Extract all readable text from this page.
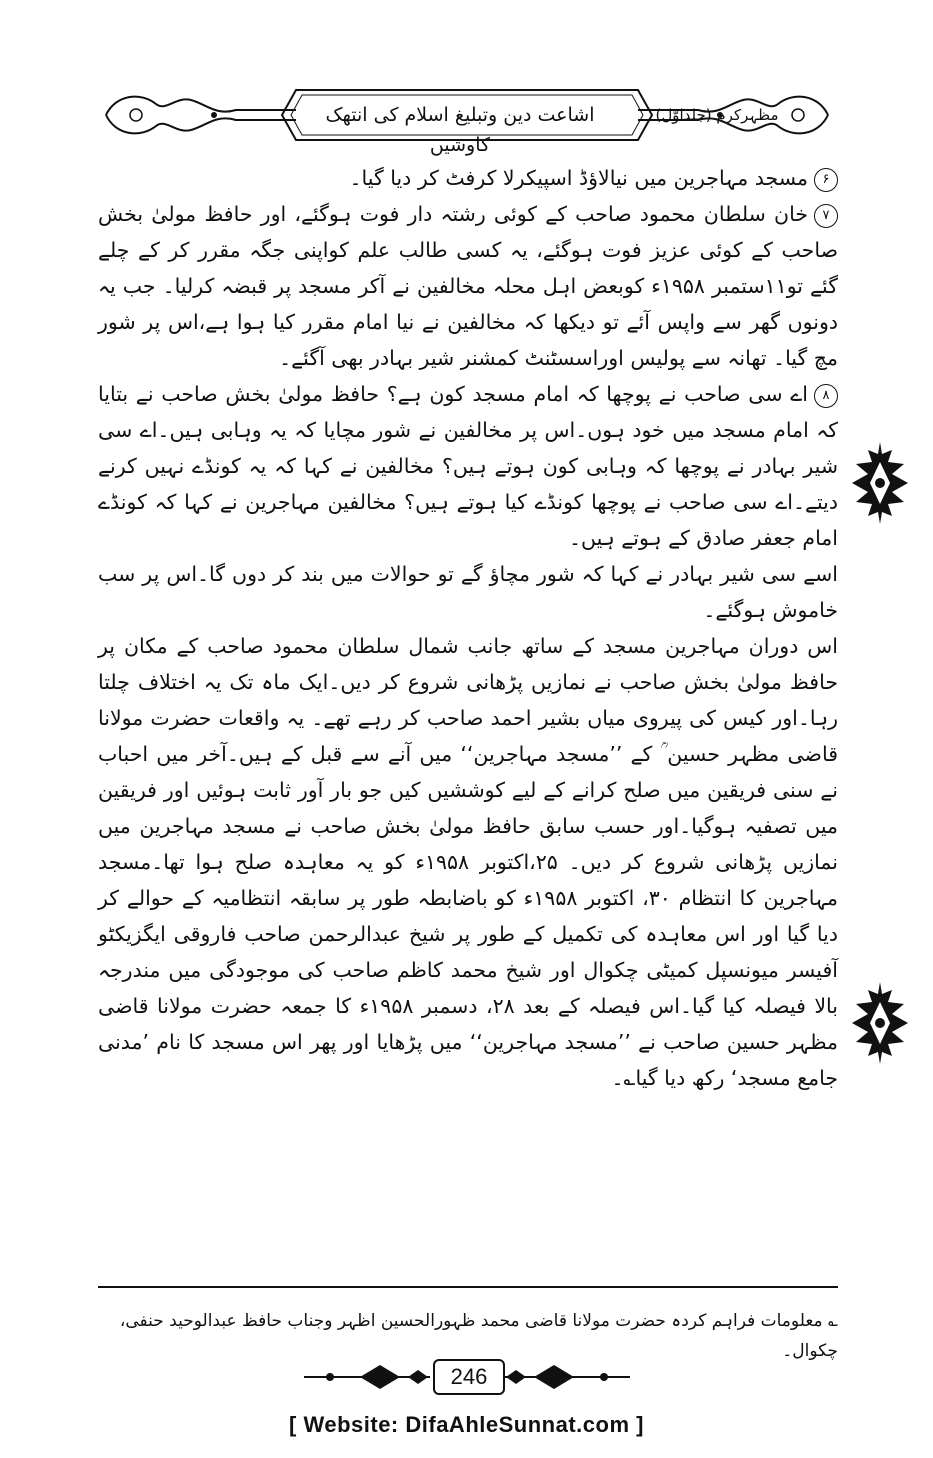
اشاعت دین وتبلیغ اسلام کی انتھک کاوشیں
مظہرکرم (جلداوّل)

۶مسجد مہاجرین میں نیالاؤڈ اسپیکرلا کرفٹ کر دیا گیا۔

۷خان سلطان محمود صاحب کے کوئی رشتہ دار فوت ہوگئے، اور حافظ مولیٰ بخش صاحب کے کوئی عزیز فوت ہوگئے، یہ کسی طالب علم کواپنی جگہ مقرر کر کے چلے گئے تو۱۱ستمبر ۱۹۵۸ء کوبعض اہل محلہ مخالفین نے آکر مسجد پر قبضہ کرلیا۔ جب یہ دونوں گھر سے واپس آئے تو دیکھا کہ مخالفین نے نیا امام مقرر کیا ہوا ہے،اس پر شور مچ گیا۔ تھانہ سے پولیس اوراسسٹنٹ کمشنر شیر بہادر بھی آگئے۔

۸اے سی صاحب نے پوچھا کہ امام مسجد کون ہے؟ حافظ مولیٰ بخش صاحب نے بتایا کہ امام مسجد میں خود ہوں۔اس پر مخالفین نے شور مچایا کہ یہ وہابی ہیں۔اے سی شیر بہادر نے پوچھا کہ وہابی کون ہوتے ہیں؟ مخالفین نے کہا کہ یہ کونڈے نہیں کرنے دیتے۔اے سی صاحب نے پوچھا کونڈے کیا ہوتے ہیں؟ مخالفین مہاجرین نے کہا کہ کونڈے امام جعفر صادق کے ہوتے ہیں۔

اسے سی شیر بہادر نے کہا کہ شور مچاؤ گے تو حوالات میں بند کر دوں گا۔اس پر سب خاموش ہوگئے۔

اس دوران مہاجرین مسجد کے ساتھ جانب شمال سلطان محمود صاحب کے مکان پر حافظ مولیٰ بخش صاحب نے نمازیں پڑھانی شروع کر دیں۔ایک ماہ تک یہ اختلاف چلتا رہا۔اور کیس کی پیروی میاں بشیر احمد صاحب کر رہے تھے۔ یہ واقعات حضرت مولانا قاضی مظہر حسین ؒ کے ’’مسجد مہاجرین‘‘ میں آنے سے قبل کے ہیں۔آخر میں احباب نے سنی فریقین میں صلح کرانے کے لیے کوششیں کیں جو بار آور ثابت ہوئیں اور فریقین میں تصفیہ ہوگیا۔اور حسب سابق حافظ مولیٰ بخش صاحب نے مسجد مہاجرین میں نمازیں پڑھانی شروع کر دیں۔ ۲۵،اکتوبر ۱۹۵۸ء کو یہ معاہدہ صلح ہوا تھا۔مسجد مہاجرین کا انتظام ۳۰، اکتوبر ۱۹۵۸ء کو باضابطہ طور پر سابقہ انتظامیہ کے حوالے کر دیا گیا اور اس معاہدہ کی تکمیل کے طور پر شیخ عبدالرحمن صاحب فاروقی ایگزیکٹو آفیسر میونسپل کمیٹی چکوال اور شیخ محمد کاظم صاحب کی موجودگی میں مندرجہ بالا فیصلہ کیا گیا۔اس فیصلہ کے بعد ۲۸، دسمبر ۱۹۵۸ء کا جمعہ حضرت مولانا قاضی مظہر حسین صاحب نے ’’مسجد مہاجرین‘‘ میں پڑھایا اور پھر اس مسجد کا نام ’مدنی جامع مسجد‘ رکھ دیا گیا؎۔

؎ معلومات فراہم کردہ حضرت مولانا قاضی محمد ظہورالحسین اظہر وجناب حافظ عبدالوحید حنفی، چکوال۔
246
[ Website: DifaAhleSunnat.com ]
